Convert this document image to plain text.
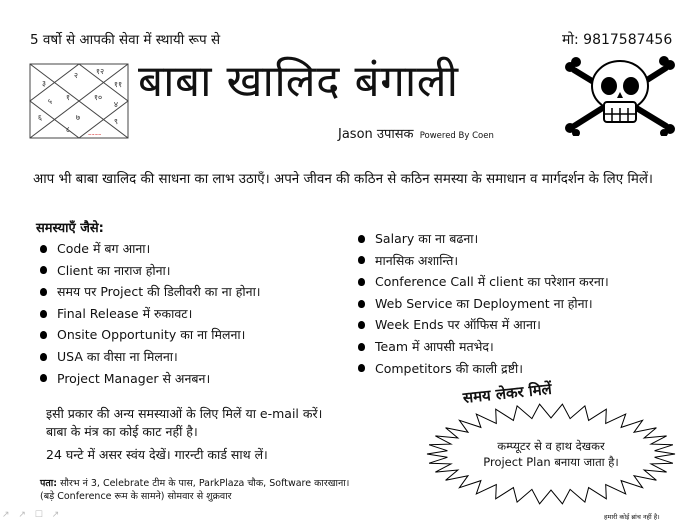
5 वर्षो से आपकी सेवा में स्थायी रूप से	मो: 9817587456
२ १२
३	११
१
५	१०
४
६	७	९
८
~~~~
बाबा खालिद बंगाली
Jason उपासक Powered By Coen
आप भी बाबा खालिद की साधना का लाभ उठाएँ। अपने जीवन की कठिन से कठिन समस्या के समाधान व मार्गदर्शन के लिए मिलें।
समस्याएँ जैसे:
Code में बग आना।
Client का नाराज होना।
समय पर Project की डिलीवरी का ना होना।
Final Release में रुकावट।
Onsite Opportunity का ना मिलना।
USA का वीसा ना मिलना।
Project Manager से अनबन।
Salary का ना बढना।
मानसिक अशान्ति।
Conference Call में client का परेशान करना।
Web Service का Deployment ना होना।
Week Ends पर ऑफिस में आना।
Team में आपसी मतभेद।
Competitors की काली द्रष्टी।
इसी प्रकार की अन्य समस्याओं के लिए मिलें या e-mail करें।
बाबा के मंत्र का कोई काट नहीं है।
24 घन्टे में असर स्वंय देखें। गारन्टी कार्ड साथ लें।
पता: सौरभ नं 3, Celebrate टीम के पास, ParkPlaza चौक, Software कारखाना।
(बड़े Conference रूम के सामने) सोमवार से शुक्रवार
समय लेकर मिलें
कम्प्यूटर से व हाथ देखकर
Project Plan बनाया जाता है।
हमारी कोई ब्रांच नहीं है।
↗ ↗ ☐ ↗
